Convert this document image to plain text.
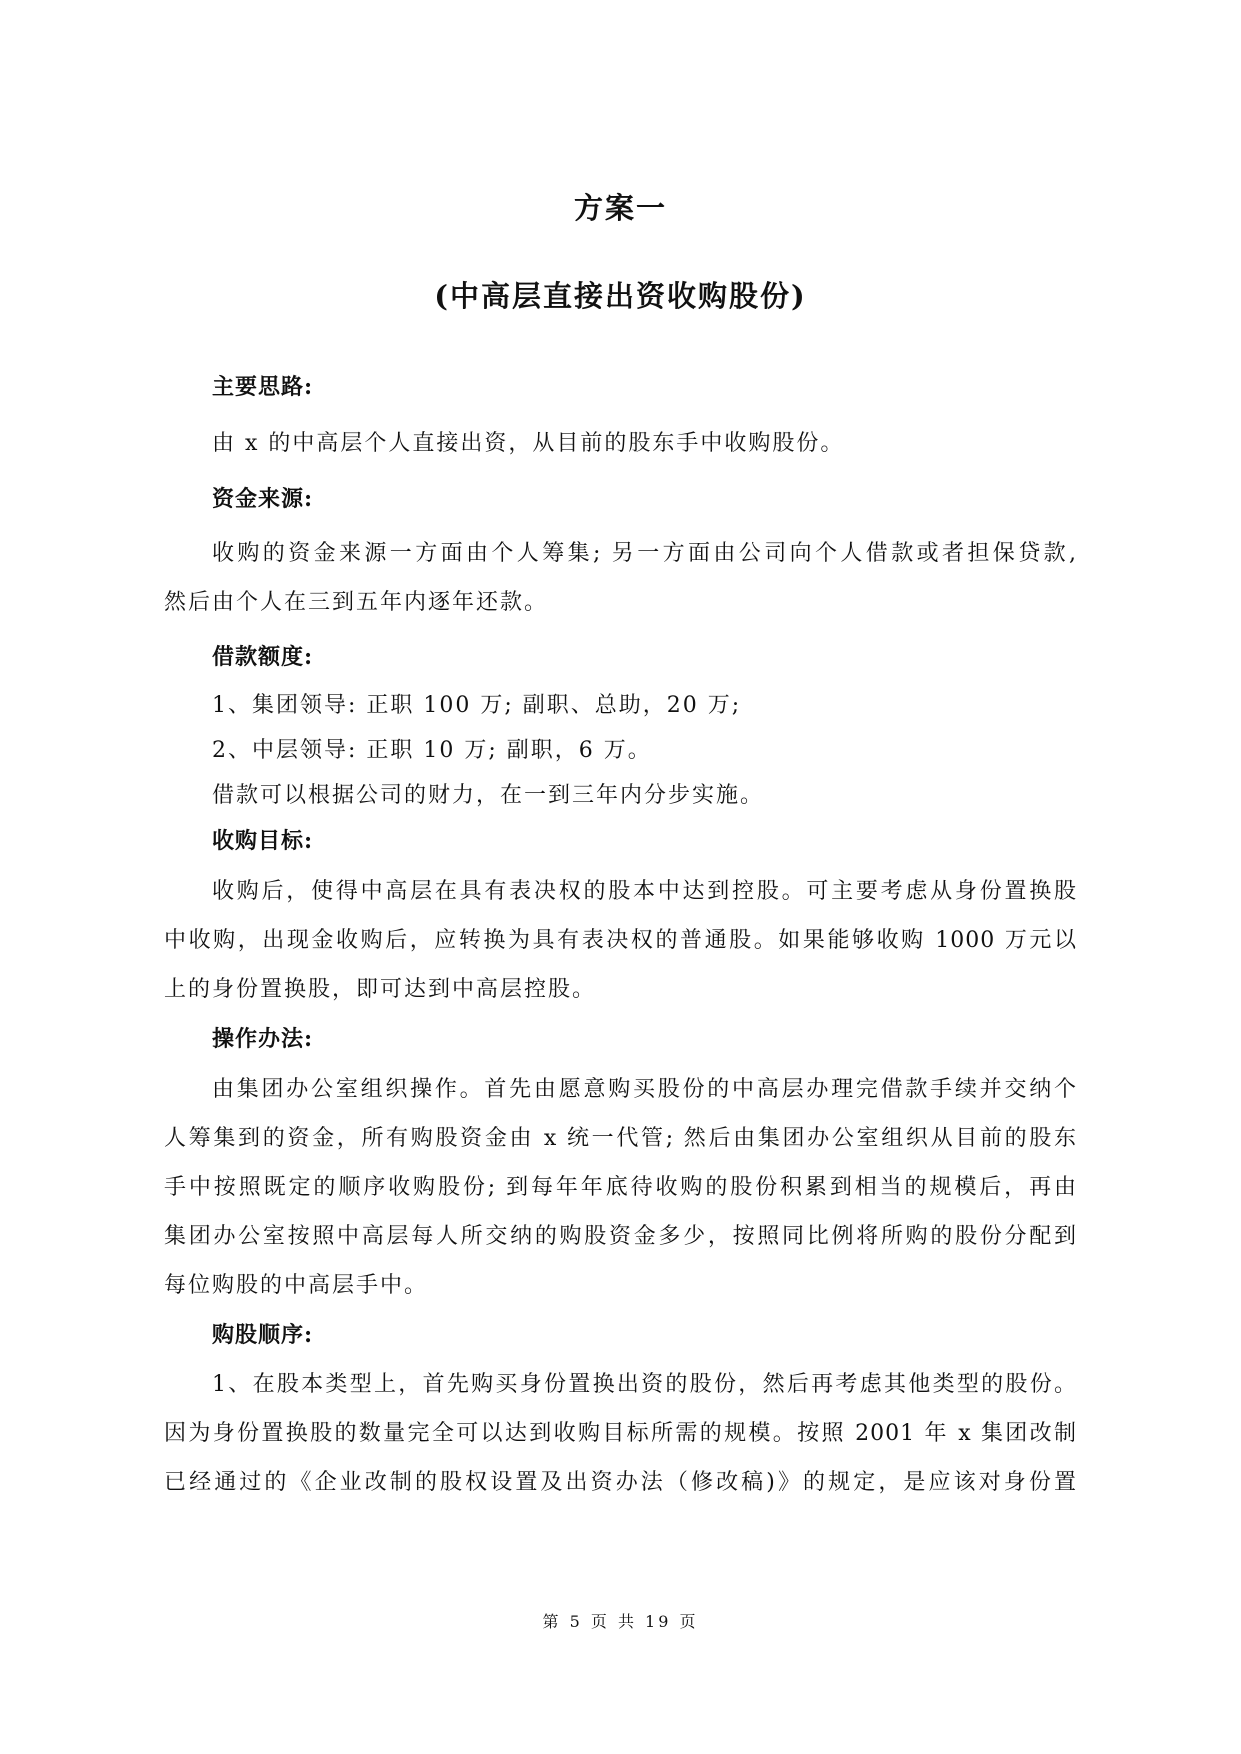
方案一
(中高层直接出资收购股份)
主要思路:
由 x 的中高层个人直接出资，从目前的股东手中收购股份。
资金来源:
收购的资金来源一方面由个人筹集; 另一方面由公司向个人借款或者担保贷款,
然后由个人在三到五年内逐年还款。
借款额度:
1、集团领导: 正职 100 万; 副职、总助，20 万;
2、中层领导: 正职 10 万; 副职，6 万。
借款可以根据公司的财力，在一到三年内分步实施。
收购目标:
收购后，使得中高层在具有表决权的股本中达到控股。可主要考虑从身份置换股
中收购，出现金收购后，应转换为具有表决权的普通股。如果能够收购 1000 万元以
上的身份置换股，即可达到中高层控股。
操作办法:
由集团办公室组织操作。首先由愿意购买股份的中高层办理完借款手续并交纳个
人筹集到的资金，所有购股资金由 x 统一代管; 然后由集团办公室组织从目前的股东
手中按照既定的顺序收购股份; 到每年年底待收购的股份积累到相当的规模后，再由
集团办公室按照中高层每人所交纳的购股资金多少，按照同比例将所购的股份分配到
每位购股的中高层手中。
购股顺序:
1、在股本类型上，首先购买身份置换出资的股份，然后再考虑其他类型的股份。
因为身份置换股的数量完全可以达到收购目标所需的规模。按照 2001 年 x 集团改制
已经通过的《企业改制的股权设置及出资办法（修改稿)》的规定，是应该对身份置
第 5 页 共 19 页
